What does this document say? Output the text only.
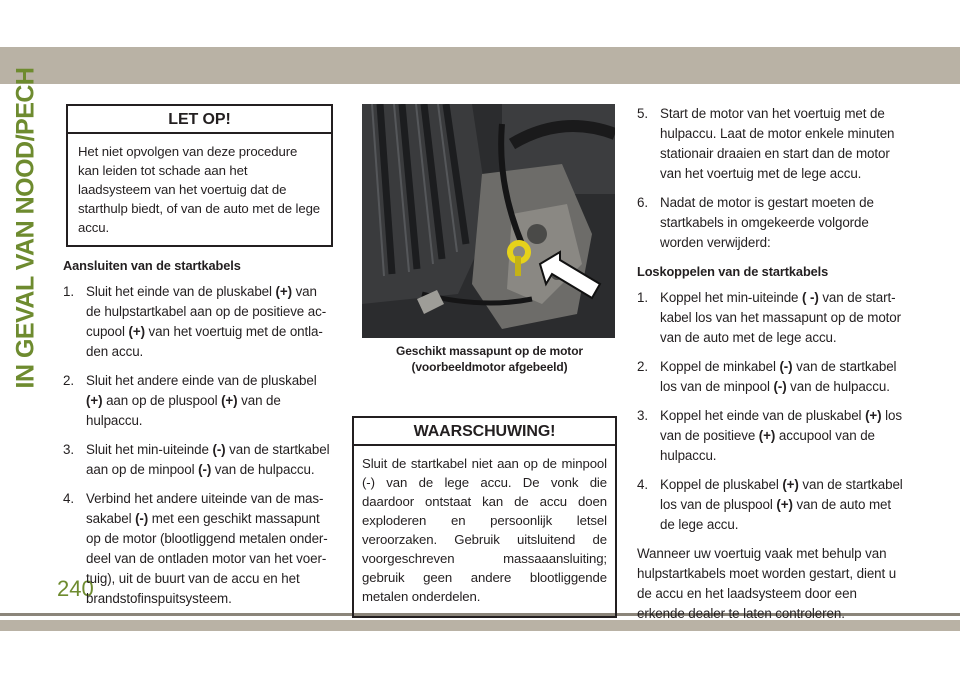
IN GEVAL VAN NOOD/PECH
240
LET OP!
Het niet opvolgen van deze procedure kan leiden tot schade aan het laadsysteem van het voertuig dat de starthulp biedt, of van de auto met de lege accu.
Aansluiten van de startkabels
1. Sluit het einde van de pluskabel (+) van de hulpstartkabel aan op de positieve accupool (+) van het voertuig met de ontladen accu.
2. Sluit het andere einde van de pluskabel (+) aan op de pluspool (+) van de hulpaccu.
3. Sluit het min-uiteinde (-) van de startkabel aan op de minpool (-) van de hulpaccu.
4. Verbind het andere uiteinde van de massakabel (-) met een geschikt massapunt op de motor (blootliggend metalen onderdeel van de ontladen motor van het voertuig), uit de buurt van de accu en het brandstofinspuitsysteem.
Geschikt massapunt op de motor (voorbeeldmotor afgebeeld)
WAARSCHUWING!
Sluit de startkabel niet aan op de minpool (-) van de lege accu. De vonk die daardoor ontstaat kan de accu doen exploderen en persoonlijk letsel veroorzaken. Gebruik uitsluitend de voorgeschreven massaaansluiting; gebruik geen andere blootliggende metalen onderdelen.
5. Start de motor van het voertuig met de hulpaccu. Laat de motor enkele minuten stationair draaien en start dan de motor van het voertuig met de lege accu.
6. Nadat de motor is gestart moeten de startkabels in omgekeerde volgorde worden verwijderd:
Loskoppelen van de startkabels
1. Koppel het min-uiteinde ( -) van de startkabel los van het massapunt op de motor van de auto met de lege accu.
2. Koppel de minkabel (-) van de startkabel los van de minpool (-) van de hulpaccu.
3. Koppel het einde van de pluskabel (+) los van de positieve (+) accupool van de hulpaccu.
4. Koppel de pluskabel (+) van de startkabel los van de pluspool (+) van de auto met de lege accu.
Wanneer uw voertuig vaak met behulp van hulpstartkabels moet worden gestart, dient u de accu en het laadsysteem door een erkende dealer te laten controleren.
